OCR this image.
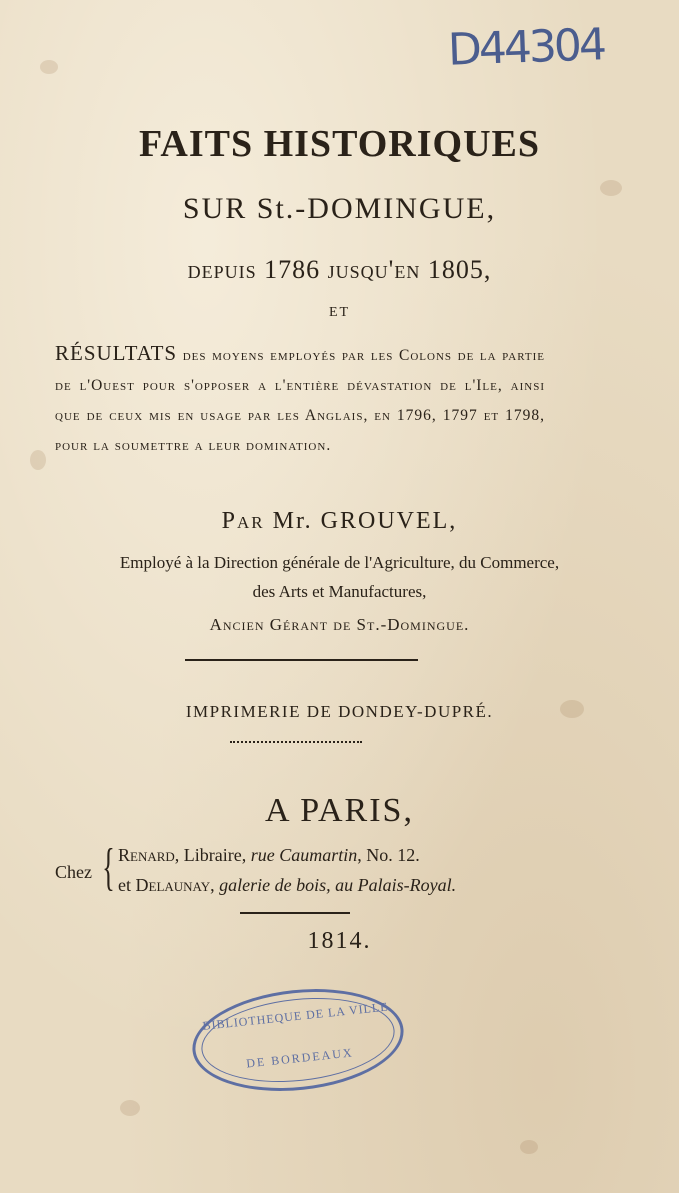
D44304
FAITS HISTORIQUES
SUR St.-DOMINGUE,
depuis 1786 jusqu'en 1805,
ET
RÉSULTATS des moyens employés par les Colons de la partie de l'Ouest pour s'opposer a l'entière dévastation de l'Ile, ainsi que de ceux mis en usage par les Anglais, en 1796, 1797 et 1798, pour la soumettre a leur domination.
Par Mr. GROUVEL,
Employé à la Direction générale de l'Agriculture, du Commerce,
des Arts et Manufactures,
Ancien Gérant de St.-Domingue.
IMPRIMERIE DE DONDEY-DUPRÉ.
A PARIS,
Chez { Renard, Libraire, rue Caumartin, No. 12.
et Delaunay, galerie de bois, au Palais-Royal.
1814.
BIBLIOTHEQUE DE LA VILLE
DE BORDEAUX
